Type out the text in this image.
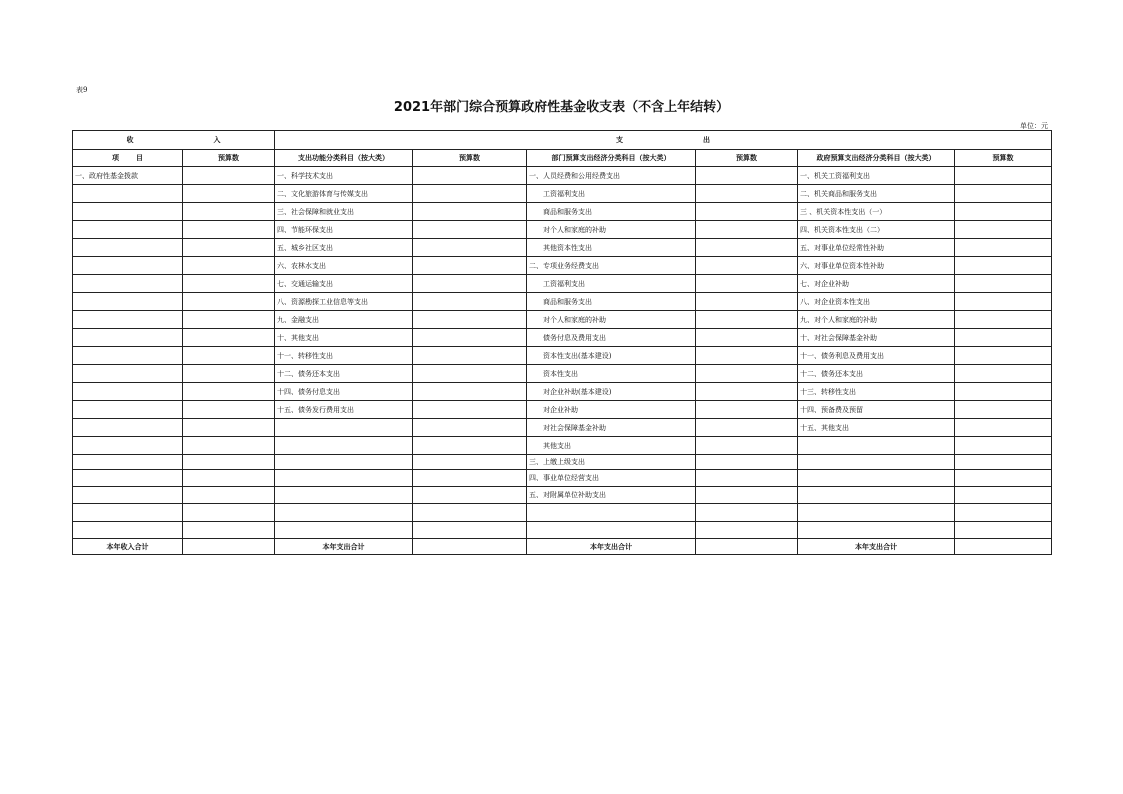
表9
2021年部门综合预算政府性基金收支表（不含上年结转）
单位：元
收 入		支 出					
项 目	预算数	支出功能分类科目（按大类）	预算数	部门预算支出经济分类科目（按大类）	预算数	政府预算支出经济分类科目（按大类）	预算数
一、政府性基金拨款		一、科学技术支出		一、人员经费和公用经费支出		一、机关工资福利支出	
		二、文化旅游体育与传媒支出		工资福利支出		二、机关商品和服务支出	
		三、社会保障和就业支出		商品和服务支出		三 、机关资本性支出（一）	
		四、节能环保支出		对个人和家庭的补助		四、机关资本性支出（二）	
		五、城乡社区支出		其他资本性支出		五、对事业单位经常性补助	
		六、农林水支出		二、专项业务经费支出		六、对事业单位资本性补助	
		七、交通运输支出		工资福利支出		七、对企业补助	
		八、资源勘探工业信息等支出		商品和服务支出		八、对企业资本性支出	
		九、金融支出		对个人和家庭的补助		九、对个人和家庭的补助	
		十、其他支出		债务付息及费用支出		十、对社会保障基金补助	
		十一、转移性支出		资本性支出(基本建设)		十一、债务利息及费用支出	
		十二、债务还本支出		资本性支出		十二、债务还本支出	
		十四、债务付息支出		对企业补助(基本建设)		十三、转移性支出	
		十五、债务发行费用支出		对企业补助		十四、预备费及预留	
				对社会保障基金补助		十五、其他支出	
				其他支出			
				三、上缴上级支出			
				四、事业单位经营支出			
				五、对附属单位补助支出			

本年收入合计		本年支出合计		本年支出合计		本年支出合计	
